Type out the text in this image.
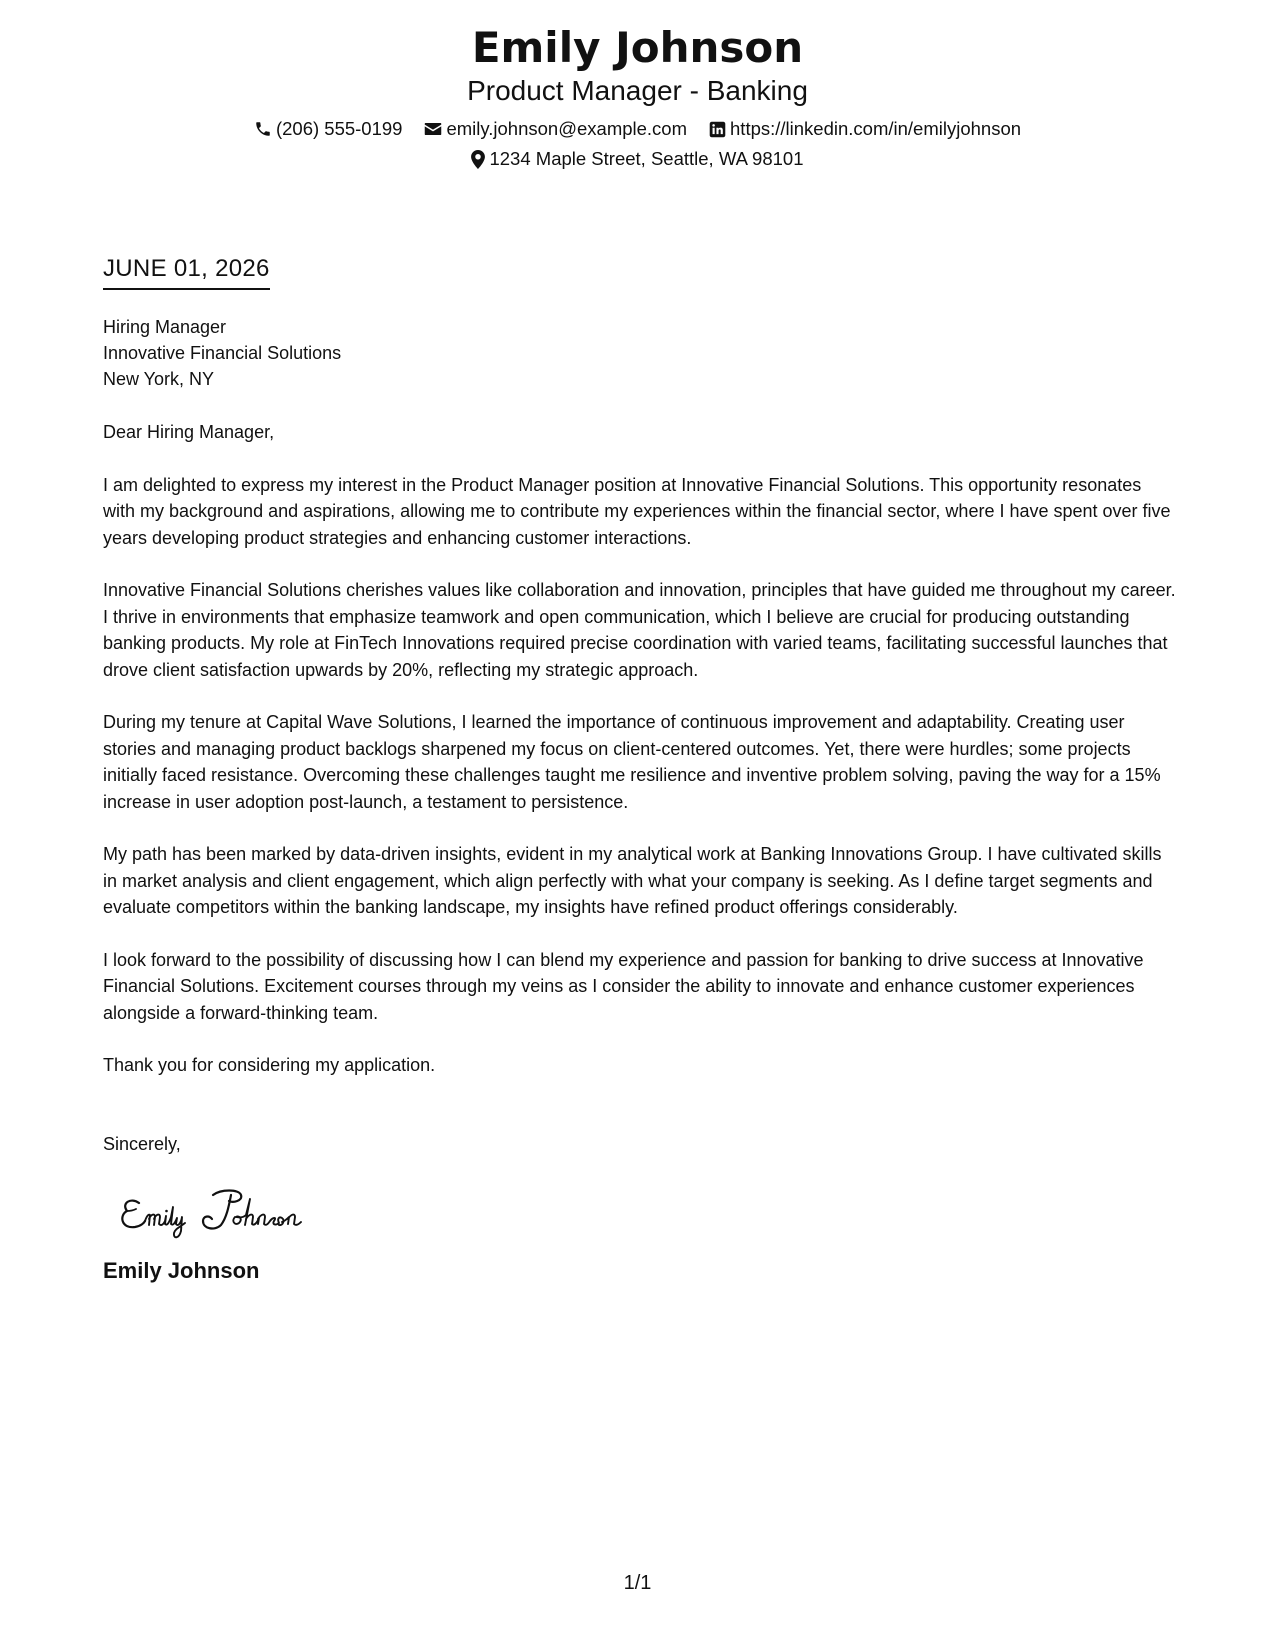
Emily Johnson
Product Manager - Banking
(206) 555-0199 emily.johnson@example.com https://linkedin.com/in/emilyjohnson
1234 Maple Street, Seattle, WA 98101
JUNE 01, 2026
Hiring Manager
Innovative Financial Solutions
New York, NY

Dear Hiring Manager,

I am delighted to express my interest in the Product Manager position at Innovative Financial Solutions. This opportunity resonates with my background and aspirations, allowing me to contribute my experiences within the financial sector, where I have spent over five years developing product strategies and enhancing customer interactions.

Innovative Financial Solutions cherishes values like collaboration and innovation, principles that have guided me throughout my career. I thrive in environments that emphasize teamwork and open communication, which I believe are crucial for producing outstanding banking products. My role at FinTech Innovations required precise coordination with varied teams, facilitating successful launches that drove client satisfaction upwards by 20%, reflecting my strategic approach.

During my tenure at Capital Wave Solutions, I learned the importance of continuous improvement and adaptability. Creating user stories and managing product backlogs sharpened my focus on client-centered outcomes. Yet, there were hurdles; some projects initially faced resistance. Overcoming these challenges taught me resilience and inventive problem solving, paving the way for a 15% increase in user adoption post-launch, a testament to persistence.

My path has been marked by data-driven insights, evident in my analytical work at Banking Innovations Group. I have cultivated skills in market analysis and client engagement, which align perfectly with what your company is seeking. As I define target segments and evaluate competitors within the banking landscape, my insights have refined product offerings considerably.

I look forward to the possibility of discussing how I can blend my experience and passion for banking to drive success at Innovative Financial Solutions. Excitement courses through my veins as I consider the ability to innovate and enhance customer experiences alongside a forward-thinking team.

Thank you for considering my application.

Sincerely,

Emily Johnson
1/1
